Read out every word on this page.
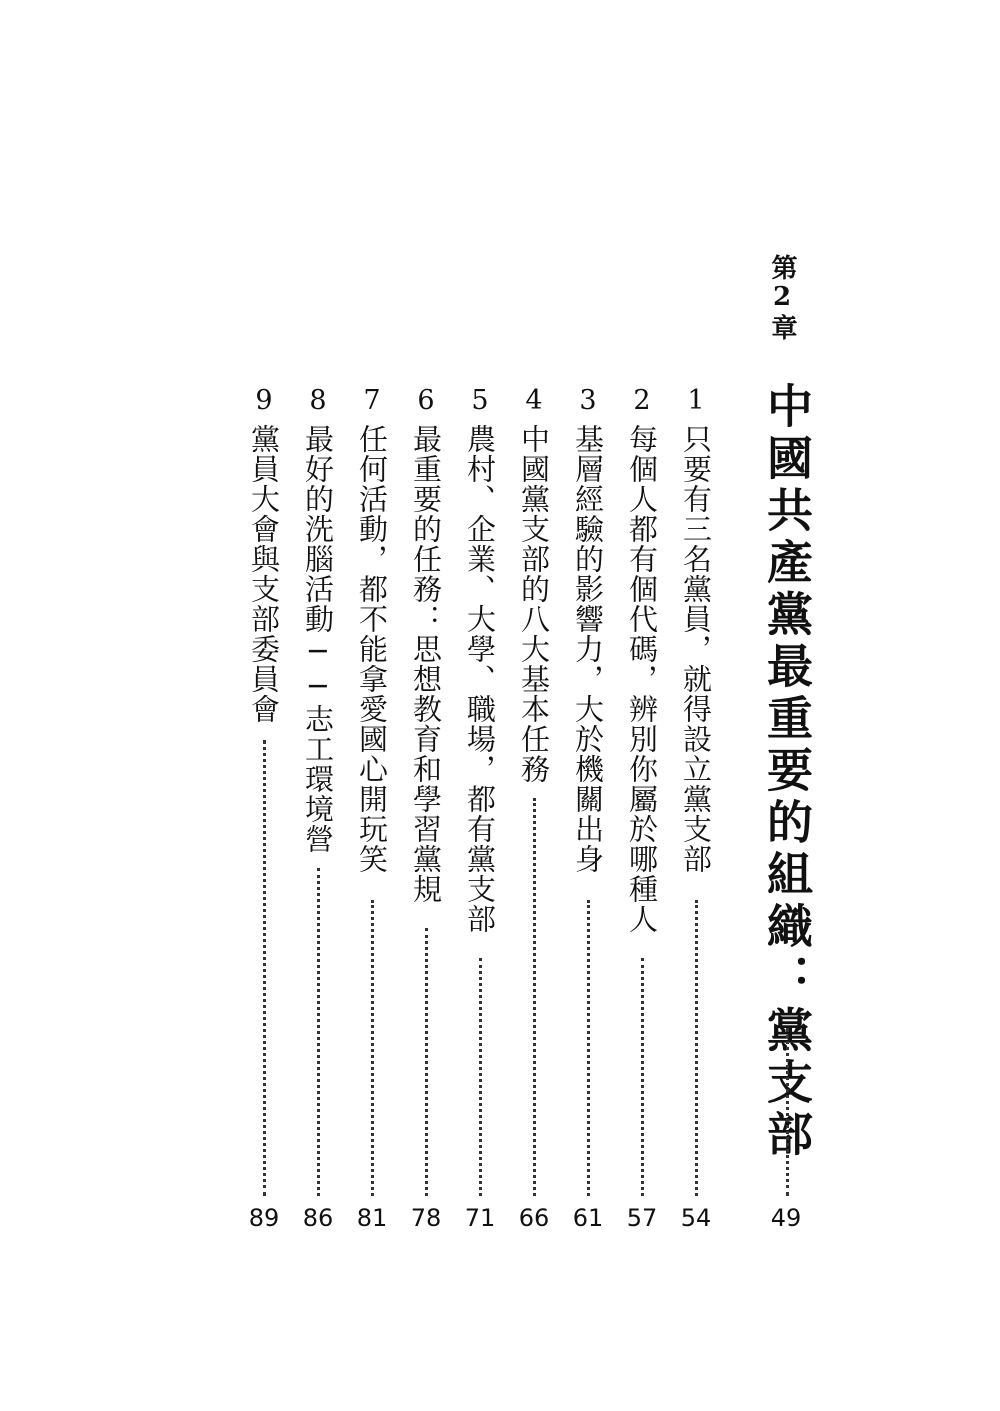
第2章
中國共產黨最重要的組織：黨支部
49
1
只要有三名黨員，就得設立黨支部
54
2
每個人都有個代碼，辨別你屬於哪種人
57
3
基層經驗的影響力，大於機關出身
61
4
中國黨支部的八大基本任務
66
5
農村、企業、大學、職場，都有黨支部
71
6
最重要的任務：思想教育和學習黨規
78
7
任何活動，都不能拿愛國心開玩笑
81
8
最好的洗腦活動──志工環境營
86
9
黨員大會與支部委員會
89
